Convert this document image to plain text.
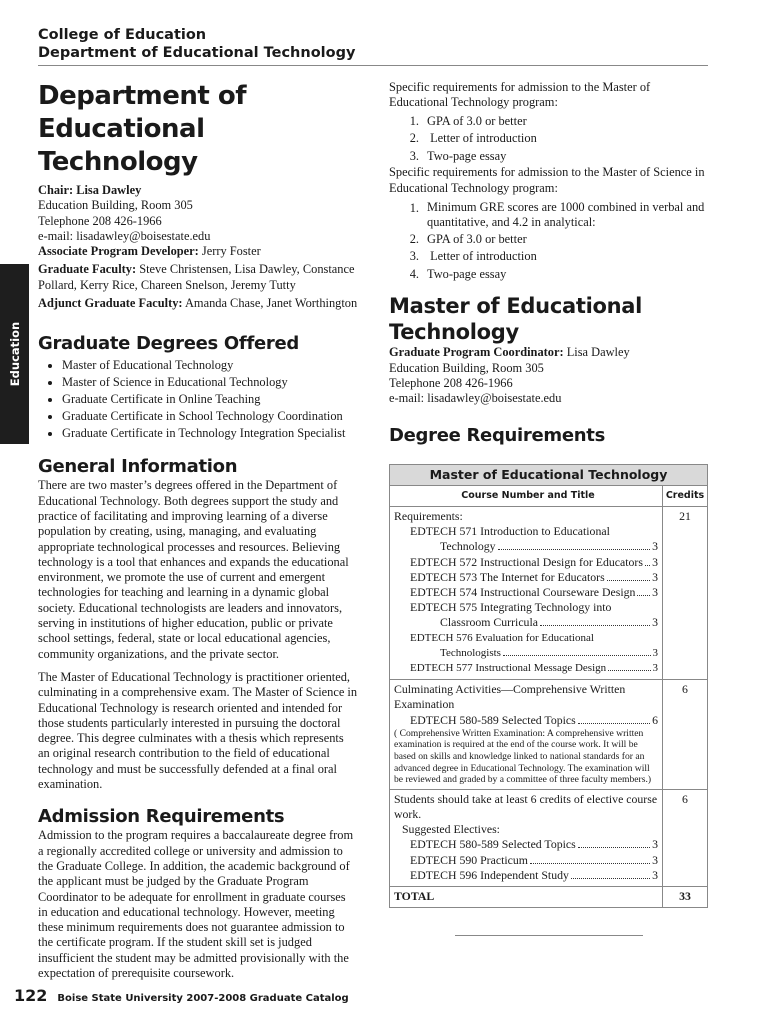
College of Education
Department of Educational Technology
Education
Department of
Educational Technology

Chair: Lisa Dawley

Education Building, Room 305

Telephone 208 426-1966

e-mail: lisadawley@boisestate.edu

Associate Program Developer: Jerry Foster

Graduate Faculty: Steve Christensen, Lisa Dawley, Constance Pollard, Kerry Rice, Chareen Snelson, Jeremy Tutty

Adjunct Graduate Faculty: Amanda Chase, Janet Worthington

Graduate Degrees Offered
• Master of Educational Technology
• Master of Science in Educational Technology
• Graduate Certificate in Online Teaching
• Graduate Certificate in School Technology Coordination
• Graduate Certificate in Technology Integration Specialist
General Information

There are two master’s degrees offered in the Department of Educational Technology. Both degrees support the study and practice of facilitating and improving learning of a diverse population by creating, using, managing, and evaluating appropriate technological processes and resources. Believing technology is a tool that enhances and expands the educational environment, we promote the use of current and emergent technologies for teaching and learning in a dynamic global society. Educational technologists are leaders and innovators, serving in institutions of higher education, public or private school settings, federal, state or local educational agencies, community organizations, and the private sector.

The Master of Educational Technology is practitioner oriented, culminating in a comprehensive exam. The Master of Science in Educational Technology is research oriented and intended for those students particularly interested in pursuing the doctoral degree. This degree culminates with a thesis which represents an original research contribution to the field of educational technology and must be successfully defended at a final oral examination.

Admission Requirements

Admission to the program requires a baccalaureate degree from a regionally accredited college or university and admission to the Graduate College. In addition, the academic background of the applicant must be judged by the Graduate Program Coordinator to be adequate for enrollment in graduate courses in education and educational technology. However, meeting these minimum requirements does not guarantee admission to the certificate program. If the student skill set is judged insufficient the student may be admitted provisionally with the expectation of prerequisite coursework.

Specific requirements for admission to the Master of Educational Technology program:

1. GPA of 3.0 or better
2. Letter of introduction
3. Two-page essay

Specific requirements for admission to the Master of Science in Educational Technology program:

1. Minimum GRE scores are 1000 combined in verbal and quantitative, and 4.2 in analytical:
2. GPA of 3.0 or better
3. Letter of introduction
4. Two-page essay
Master of Educational
Technology

Graduate Program Coordinator: Lisa Dawley

Education Building, Room 305

Telephone 208 426-1966

e-mail: lisadawley@boisestate.edu

Degree Requirements
Master of Educational Technology
Course Number and Title	Credits
Requirements:
EDTECH 571 Introduction to Educational
Technology	3
EDTECH 572 Instructional Design for Educators 3
EDTECH 573 The Internet for Educators	3
EDTECH 574 Instructional Courseware Design 3
EDTECH 575 Integrating Technology into
Classroom Curricula	3
EDTECH 576 Evaluation for Educational
Technologists	3
EDTECH 577 Instructional Message Design	3
21
Culminating Activities—Comprehensive Written Examination
EDTECH 580-589 Selected Topics	6
( Comprehensive Written Examination: A comprehensive written examination is required at the end of the course work. It will be based on skills and knowledge linked to national standards for an advanced degree in Educational Technology. The examination will be reviewed and graded by a committee of three faculty members.)
6
Students should take at least 6 credits of elective course work.
Suggested Electives:
EDTECH 580-589 Selected Topics	3
EDTECH 590 Practicum	3
EDTECH 596 Independent Study	3
6
TOTAL	33
122 Boise State University 2007-2008 Graduate Catalog
